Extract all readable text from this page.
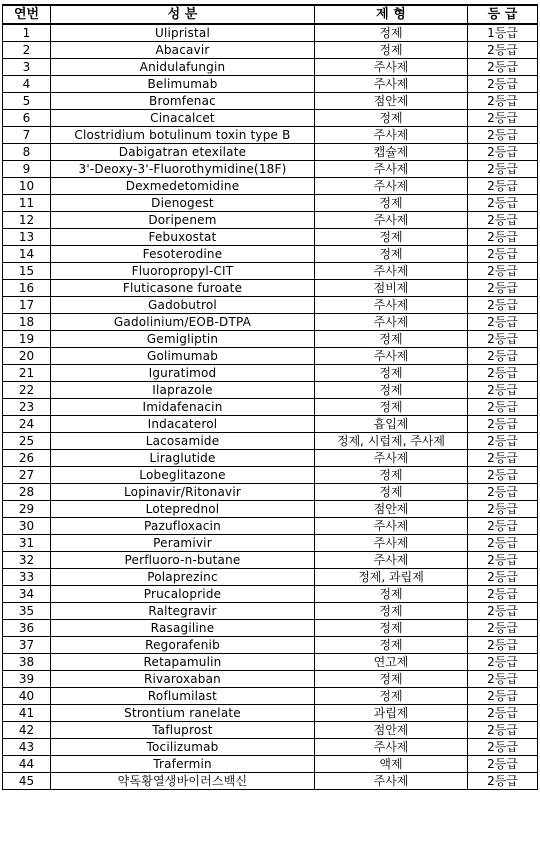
연번	성 분	제 형	등 급
1	Ulipristal	정제	1등급
2	Abacavir	정제	2등급
3	Anidulafungin	주사제	2등급
4	Belimumab	주사제	2등급
5	Bromfenac	점안제	2등급
6	Cinacalcet	정제	2등급
7	Clostridium botulinum toxin type B	주사제	2등급
8	Dabigatran etexilate	캡슐제	2등급
9	3'-Deoxy-3'-Fluorothymidine(18F)	주사제	2등급
10	Dexmedetomidine	주사제	2등급
11	Dienogest	정제	2등급
12	Doripenem	주사제	2등급
13	Febuxostat	정제	2등급
14	Fesoterodine	정제	2등급
15	Fluoropropyl-CIT	주사제	2등급
16	Fluticasone furoate	점비제	2등급
17	Gadobutrol	주사제	2등급
18	Gadolinium/EOB-DTPA	주사제	2등급
19	Gemigliptin	정제	2등급
20	Golimumab	주사제	2등급
21	Iguratimod	정제	2등급
22	Ilaprazole	정제	2등급
23	Imidafenacin	정제	2등급
24	Indacaterol	흡입제	2등급
25	Lacosamide	정제, 시럽제, 주사제	2등급
26	Liraglutide	주사제	2등급
27	Lobeglitazone	정제	2등급
28	Lopinavir/Ritonavir	정제	2등급
29	Loteprednol	점안제	2등급
30	Pazufloxacin	주사제	2등급
31	Peramivir	주사제	2등급
32	Perfluoro-n-butane	주사제	2등급
33	Polaprezinc	정제, 과립제	2등급
34	Prucalopride	정제	2등급
35	Raltegravir	정제	2등급
36	Rasagiline	정제	2등급
37	Regorafenib	정제	2등급
38	Retapamulin	연고제	2등급
39	Rivaroxaban	정제	2등급
40	Roflumilast	정제	2등급
41	Strontium ranelate	과립제	2등급
42	Tafluprost	점안제	2등급
43	Tocilizumab	주사제	2등급
44	Trafermin	액제	2등급
45	약독황열생바이러스백신	주사제	2등급
